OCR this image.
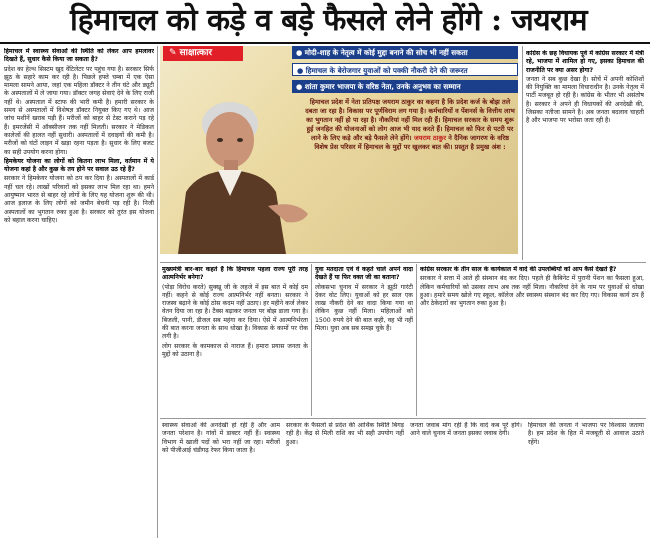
हिमाचल को कड़े व बड़े फैसले लेने होंगे : जयराम

हिमाचल में स्वास्थ्य सेवाओं की स्थिति को लेकर आप हमलावर दिखते हैं, सुधार कैसे किया जा सकता है?

प्रदेश का हेल्थ सिस्टम खुद वेंटिलेटर पर पहुंच गया है। सरकार सिर्फ झूठ के सहारे काम कर रही है। पिछले हफ्ते चम्बा में एक ऐसा मामला सामने आया, जहां एक महिला डॉक्टर ने तीन घंटे और ड्यूटी के अस्पतालों में ले जाया गया। डॉक्टर जगह सेवाएं देने के लिए राजी नहीं थे। अस्पताल में स्टाफ की भारी कमी है। हमारी सरकार के समय से अस्पतालों में विशेषज्ञ डॉक्टर नियुक्त किए गए थे। आज जांच मशीनें खराब पड़ी हैं। मरीजों को बाहर से टेस्ट कराने पड़ रहे हैं। इमरजेंसी में ऑक्सीजन तक नहीं मिलती। सरकार ने मेडिकल कालेजों की हालत नहीं सुधारी। अस्पतालों में दवाइयों की कमी है। मरीजों को घंटों लाइन में खड़ा रहना पड़ता है। सुधार के लिए बजट का सही उपयोग करना होगा।

हिमकेयर योजना का लोगों को कितना लाभ मिला, वर्तमान में ये योजना कहां है और कुछ के तय होने पर सवाल उठ रहे हैं?

सरकार ने हिमकेयर योजना को ठप कर दिया है। अस्पतालों में कार्ड नहीं चल रहे। लाखों परिवारों को इसका लाभ मिल रहा था। हमने आयुष्मान भारत से बाहर रहे लोगों के लिए यह योजना शुरू की थी। आज इलाज के लिए लोगों को जमीन बेचनी पड़ रही है। निजी अस्पतालों का भुगतान रुका हुआ है। सरकार को तुरंत इस योजना को बहाल करना चाहिए।

✎ साक्षात्कार	● मोदी-शाह के नेतृत्व में कोई मुद्दा बनाने की सोच भी नहीं सकता
● हिमाचल के बेरोजगार युवाओं को पक्की नौकरी देने की जरूरत
● शांता कुमार भाजपा के वरिष्ठ नेता, उनके अनुभव का सम्मान
हिमाचल प्रदेश में नेता प्रतिपक्ष जयराम ठाकुर का कहना है कि प्रदेश कर्ज के बोझ तले दबता जा रहा है। विकास पर पूर्णविराम लग गया है। कर्मचारियों व पेंशनर्स के वित्तीय लाभ का भुगतान नहीं हो पा रहा है। नौकरियां नहीं मिल रही हैं। हिमाचल सरकार के समय शुरू हुई जनहित की योजनाओं को लोग आज भी याद करते हैं। हिमाचल को फिर से पटरी पर लाने के लिए कड़े और बड़े फैसले लेने होंगे। जयराम ठाकुर ने दैनिक जागरण के वरिष्ठ विशेष प्रेस परिसर में हिमाचल के मुद्दों पर खुलकर बात की। प्रस्तुत है प्रमुख अंश :

कांग्रेस के छह विधायक पूर्व में कांग्रेस सरकार में मंत्री रहे, भाजपा में शामिल हो गए, इसका हिमाचल की राजनीति पर क्या असर होगा?

जनता ने सब कुछ देखा है। सोचें में अपनी कोशिशों की नियुक्ति का मामला विचाराधीन है। उनके नेतृत्व में पार्टी मजबूत हो रही है। कांग्रेस के भीतर भी असंतोष है। सरकार ने अपने ही विधायकों की अनदेखी की, जिसका नतीजा सामने है। अब जनता बदलाव चाहती है और भाजपा पर भरोसा जता रही है।

मुख्यमंत्री बार-बार कहते हैं कि हिमाचल पहला राज्य पूरी तरह आत्मनिर्भर बनेगा?

(पोड़ा विरोध करते) सुक्खू जी के लहजे में इस बात में कोई दम नहीं। कहने से कोई राज्य आत्मनिर्भर नहीं बनता। सरकार ने राजस्व बढ़ाने के कोई ठोस कदम नहीं उठाए। हर महीने कर्ज लेकर वेतन दिया जा रहा है। टैक्स बढ़ाकर जनता पर बोझ डाला गया है। बिजली, पानी, डीजल सब महंगा कर दिया। ऐसे में आत्मनिर्भरता की बात करना जनता के साथ धोखा है। विकास के कामों पर रोक लगी है।

लोग सरकार के कामकाज से नाराज हैं। हमारा प्रयास जनता के मुद्दों को उठाना है।

युवा मतदाता एवं वे कहते चाले अपने वादा देखते हैं या फिर वक्त जी का बताना?

लोकसभा चुनाव में सरकार ने झूठी गारंटी देकर वोट लिए। युवाओं को हर साल एक लाख नौकरी देने का वादा किया गया था लेकिन कुछ नहीं मिला। महिलाओं को 1500 रुपये देने की बात कही, वह भी नहीं मिला। युवा अब सब समझ चुके हैं।

कांग्रेस सरकार के तीन साल के कार्यकाल में वादे की उपलब्धियों को आप कैसे देखते हैं?

सरकार ने सत्ता में आते ही संस्थान बंद कर दिए। पहले ही कैबिनेट में पुरानी पेंशन का फैसला हुआ, लेकिन कर्मचारियों को उसका लाभ अब तक नहीं मिला। नौकरियां देने के नाम पर युवाओं से धोखा हुआ। हमारे समय खोले गए स्कूल, कॉलेज और स्वास्थ्य संस्थान बंद कर दिए गए। विकास कार्य ठप हैं और ठेकेदारों का भुगतान रुका हुआ है।

स्वास्थ्य सेवाओं की अनदेखी हो रही है और आम जनता परेशान है। गांवों में डाक्टर नहीं हैं। स्वास्थ्य विभाग में खाली पदों को भरा नहीं जा रहा। मरीजों को पीजीआई चंडीगढ़ रेफर किया जाता है।

सरकार के फैसलों से प्रदेश की आर्थिक स्थिति बिगड़ रही है। केंद्र से मिली राशि का भी सही उपयोग नहीं हुआ।

जनता जवाब मांग रही है कि वादे कब पूरे होंगे। आने वाले चुनाव में जनता इसका जवाब देगी।

हिमाचल की जनता ने भाजपा पर विश्वास जताया है। हम प्रदेश के हित में मजबूती से आवाज उठाते रहेंगे।
